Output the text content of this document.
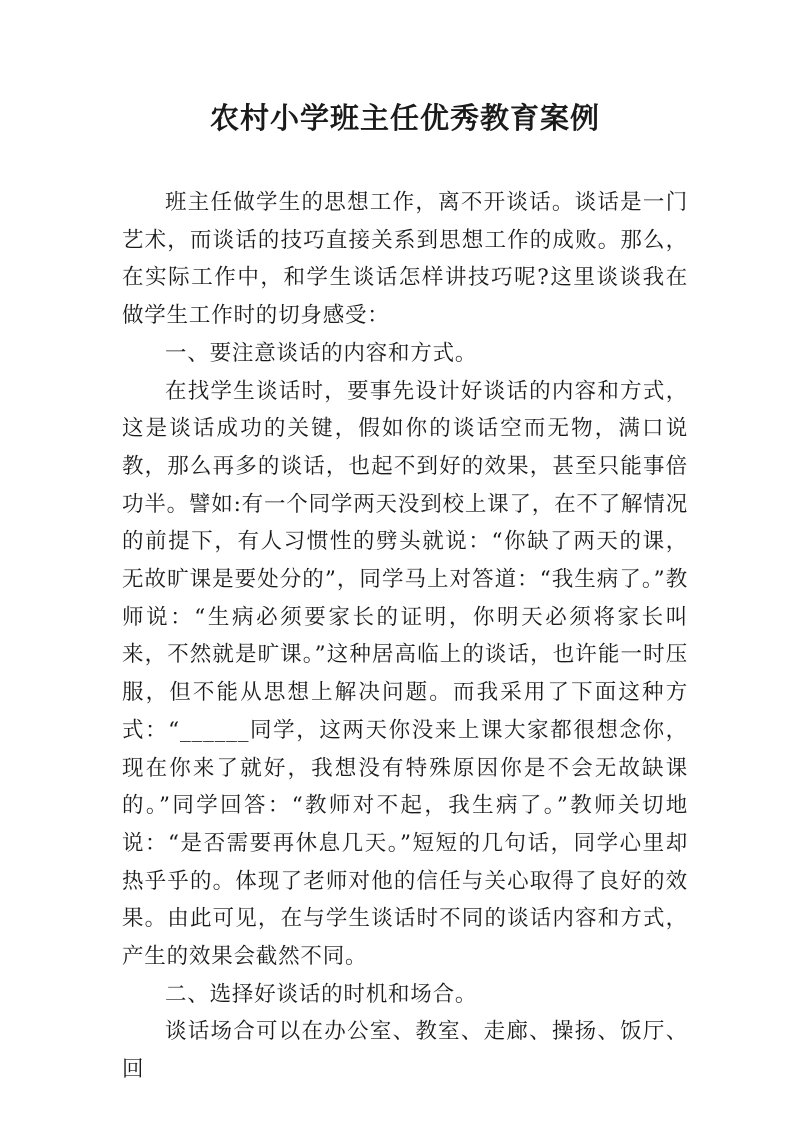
农村小学班主任优秀教育案例

班主任做学生的思想工作，离不开谈话。谈话是一门艺术，而谈话的技巧直接关系到思想工作的成败。那么，在实际工作中，和学生谈话怎样讲技巧呢?这里谈谈我在做学生工作时的切身感受：

一、要注意谈话的内容和方式。

在找学生谈话时，要事先设计好谈话的内容和方式，这是谈话成功的关键，假如你的谈话空而无物，满口说教，那么再多的谈话，也起不到好的效果，甚至只能事倍功半。譬如:有一个同学两天没到校上课了，在不了解情况的前提下，有人习惯性的劈头就说：“你缺了两天的课，无故旷课是要处分的”，同学马上对答道：“我生病了。”教师说：“生病必须要家长的证明，你明天必须将家长叫来，不然就是旷课。”这种居高临上的谈话，也许能一时压服，但不能从思想上解决问题。而我采用了下面这种方式：“______同学，这两天你没来上课大家都很想念你，现在你来了就好，我想没有特殊原因你是不会无故缺课的。”同学回答：“教师对不起，我生病了。”教师关切地说：“是否需要再休息几天。”短短的几句话，同学心里却热乎乎的。体现了老师对他的信任与关心取得了良好的效果。由此可见，在与学生谈话时不同的谈话内容和方式，产生的效果会截然不同。

二、选择好谈话的时机和场合。

谈话场合可以在办公室、教室、走廊、操扬、饭厅、回
